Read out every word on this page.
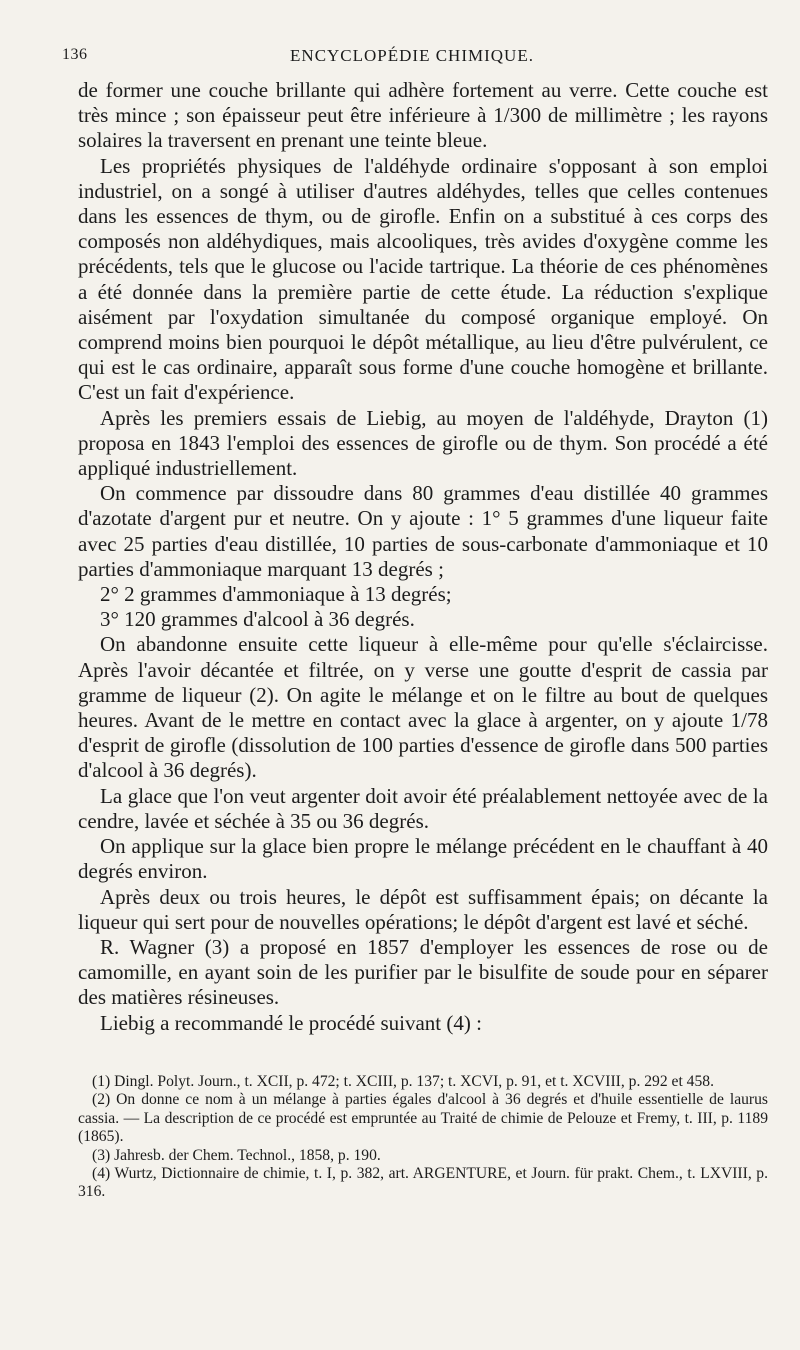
136	ENCYCLOPÉDIE CHIMIQUE.

de former une couche brillante qui adhère fortement au verre. Cette couche est très mince ; son épaisseur peut être inférieure à 1/300 de millimètre ; les rayons solaires la traversent en prenant une teinte bleue.

Les propriétés physiques de l'aldéhyde ordinaire s'opposant à son emploi industriel, on a songé à utiliser d'autres aldéhydes, telles que celles contenues dans les essences de thym, ou de girofle. Enfin on a substitué à ces corps des composés non aldéhydiques, mais alcooliques, très avides d'oxygène comme les précédents, tels que le glucose ou l'acide tartrique. La théorie de ces phénomènes a été donnée dans la première partie de cette étude. La réduction s'explique aisément par l'oxydation simultanée du composé organique employé. On comprend moins bien pourquoi le dépôt métallique, au lieu d'être pulvérulent, ce qui est le cas ordinaire, apparaît sous forme d'une couche homogène et brillante. C'est un fait d'expérience.

Après les premiers essais de Liebig, au moyen de l'aldéhyde, Drayton (1) proposa en 1843 l'emploi des essences de girofle ou de thym. Son procédé a été appliqué industriellement.

On commence par dissoudre dans 80 grammes d'eau distillée 40 grammes d'azotate d'argent pur et neutre. On y ajoute : 1° 5 grammes d'une liqueur faite avec 25 parties d'eau distillée, 10 parties de sous-carbonate d'ammoniaque et 10 parties d'ammoniaque marquant 13 degrés ;

2° 2 grammes d'ammoniaque à 13 degrés;

3° 120 grammes d'alcool à 36 degrés.

On abandonne ensuite cette liqueur à elle-même pour qu'elle s'éclaircisse. Après l'avoir décantée et filtrée, on y verse une goutte d'esprit de cassia par gramme de liqueur (2). On agite le mélange et on le filtre au bout de quelques heures. Avant de le mettre en contact avec la glace à argenter, on y ajoute 1/78 d'esprit de girofle (dissolution de 100 parties d'essence de girofle dans 500 parties d'alcool à 36 degrés).

La glace que l'on veut argenter doit avoir été préalablement nettoyée avec de la cendre, lavée et séchée à 35 ou 36 degrés.

On applique sur la glace bien propre le mélange précédent en le chauffant à 40 degrés environ.

Après deux ou trois heures, le dépôt est suffisamment épais; on décante la liqueur qui sert pour de nouvelles opérations; le dépôt d'argent est lavé et séché.

R. Wagner (3) a proposé en 1857 d'employer les essences de rose ou de camomille, en ayant soin de les purifier par le bisulfite de soude pour en séparer des matières résineuses.

Liebig a recommandé le procédé suivant (4) :

(1) Dingl. Polyt. Journ., t. XCII, p. 472; t. XCIII, p. 137; t. XCVI, p. 91, et t. XCVIII, p. 292 et 458.

(2) On donne ce nom à un mélange à parties égales d'alcool à 36 degrés et d'huile essentielle de laurus cassia. — La description de ce procédé est empruntée au Traité de chimie de Pelouze et Fremy, t. III, p. 1189 (1865).

(3) Jahresb. der Chem. Technol., 1858, p. 190.

(4) Wurtz, Dictionnaire de chimie, t. I, p. 382, art. ARGENTURE, et Journ. für prakt. Chem., t. LXVIII, p. 316.
